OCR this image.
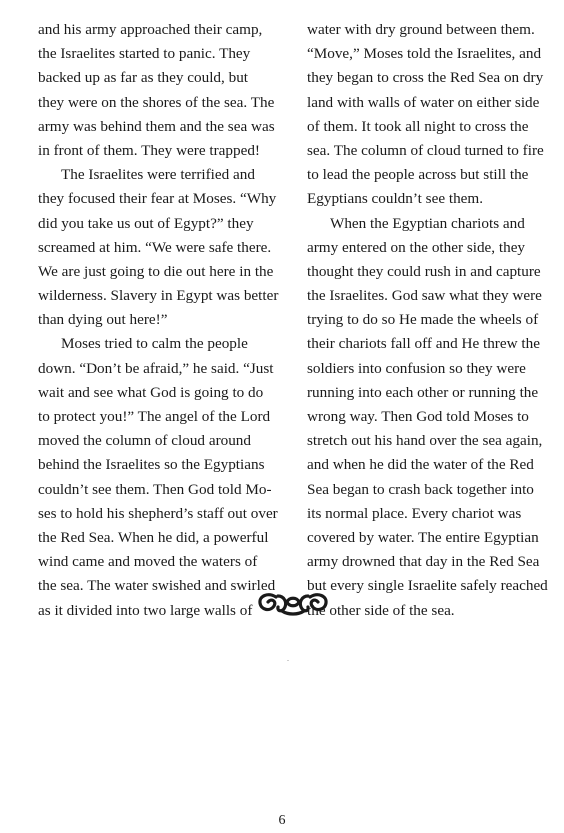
and his army approached their camp,
the Israelites started to panic. They
backed up as far as they could, but
they were on the shores of the sea. The
army was behind them and the sea was
in front of them. They were trapped!
The Israelites were terrified and
they focused their fear at Moses. “Why
did you take us out of Egypt?” they
screamed at him. “We were safe there.
We are just going to die out here in the
wilderness. Slavery in Egypt was better
than dying out here!”
Moses tried to calm the people
down. “Don’t be afraid,” he said. “Just
wait and see what God is going to do
to protect you!” The angel of the Lord
moved the column of cloud around
behind the Israelites so the Egyptians
couldn’t see them. Then God told Mo-
ses to hold his shepherd’s staff out over
the Red Sea. When he did, a powerful
wind came and moved the waters of
the sea. The water swished and swirled
as it divided into two large walls of
water with dry ground between them.
“Move,” Moses told the Israelites, and
they began to cross the Red Sea on dry
land with walls of water on either side
of them. It took all night to cross the
sea. The column of cloud turned to fire
to lead the people across but still the
Egyptians couldn’t see them.
When the Egyptian chariots and
army entered on the other side, they
thought they could rush in and capture
the Israelites. God saw what they were
trying to do so He made the wheels of
their chariots fall off and He threw the
soldiers into confusion so they were
running into each other or running the
wrong way. Then God told Moses to
stretch out his hand over the sea again,
and when he did the water of the Red
Sea began to crash back together into
its normal place. Every chariot was
covered by water. The entire Egyptian
army drowned that day in the Red Sea
but every single Israelite safely reached
the other side of the sea.
6
